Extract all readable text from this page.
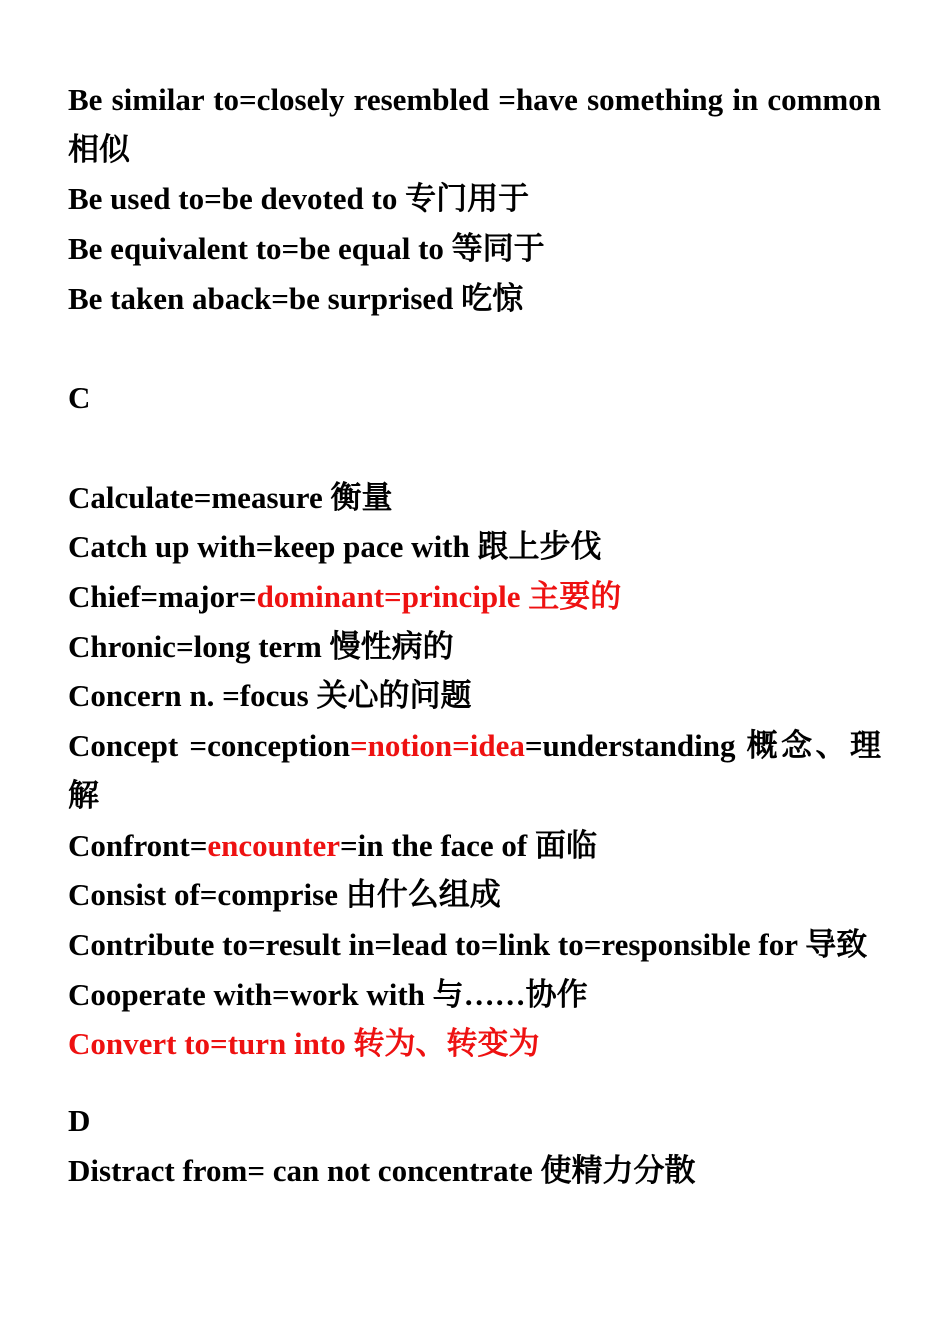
Be similar to=closely resembled =have something in common 相似
Be used to=be devoted to 专门用于
Be equivalent to=be equal to 等同于
Be taken aback=be surprised 吃惊
C
Calculate=measure 衡量
Catch up with=keep pace with 跟上步伐
Chief=major=dominant=principle 主要的
Chronic=long term 慢性病的
Concern n. =focus 关心的问题
Concept =conception=notion=idea=understanding 概念、理解
Confront=encounter=in the face of 面临
Consist of=comprise 由什么组成
Contribute to=result in=lead to=link to=responsible for 导致
Cooperate with=work with 与……协作
Convert to=turn into 转为、转变为
D
Distract from= can not concentrate 使精力分散
